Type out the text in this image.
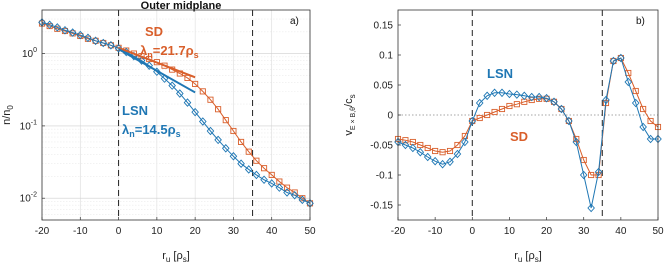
Outer midplane
-20 -10	0	10	20	30	40	50
$10^{-2}$
$10^{-1}$
$10^0$
a)
SD
$\lambda_n=21.7\rho_s$
LSN
$\lambda_n=14.5\rho_s$
$n/n_0$
$r_u$ $[\rho_s]$
-20 -10	0	10	20	30	40	50
-0.15
-0.1
-0.05
0
0.05
0.1
0.15	b)
LSN
SD
$v_{E \times B,\theta}/c_s$
$r_u$ $[\rho_s]$
